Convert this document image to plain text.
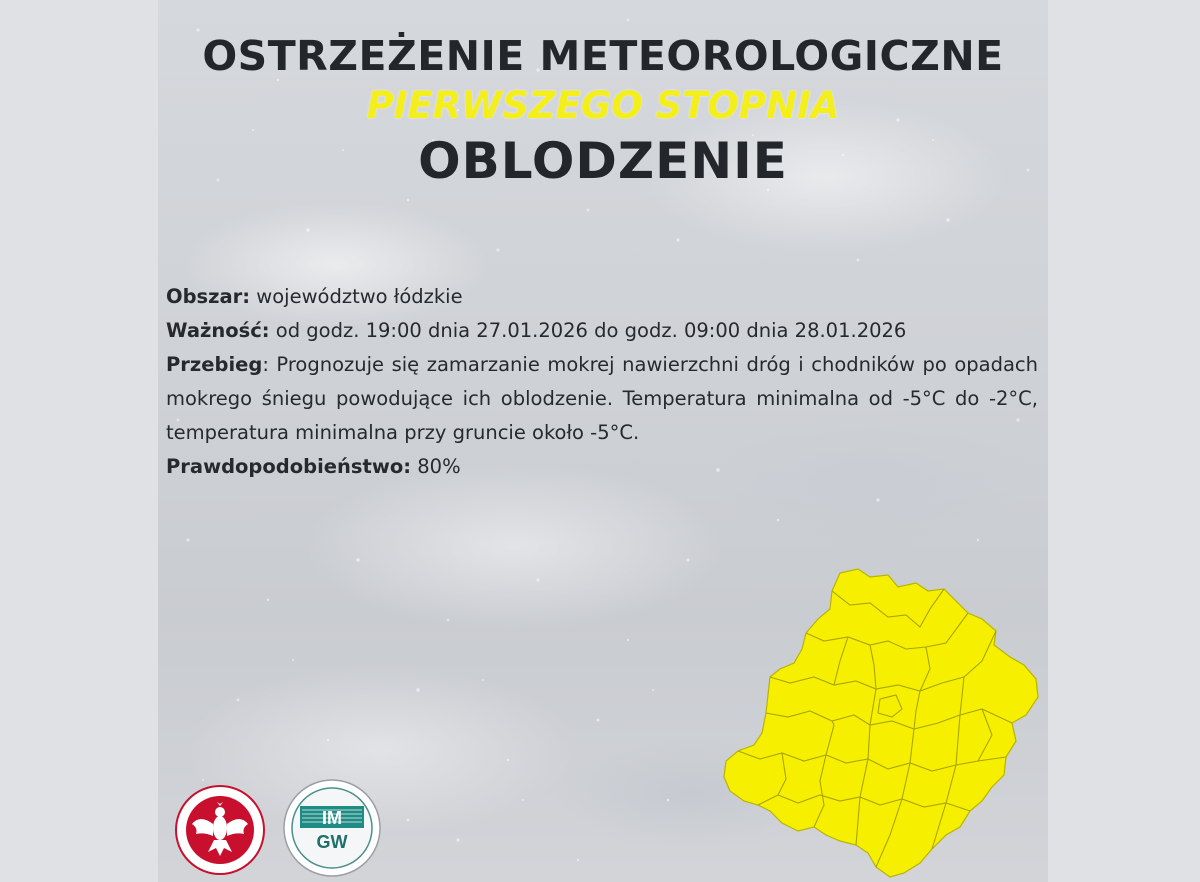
OSTRZEŻENIE METEOROLOGICZNE
PIERWSZEGO STOPNIA
OBLODZENIE

Obszar: województwo łódzkie

Ważność: od godz. 19:00 dnia 27.01.2026 do godz. 09:00 dnia 28.01.2026

Przebieg: Prognozuje się zamarzanie mokrej nawierzchni dróg i chodników po opadach mokrego śniegu powodujące ich oblodzenie. Temperatura minimalna od -5°C do -2°C, temperatura minimalna przy gruncie około -5°C.

Prawdopodobieństwo: 80%

IM
GW
